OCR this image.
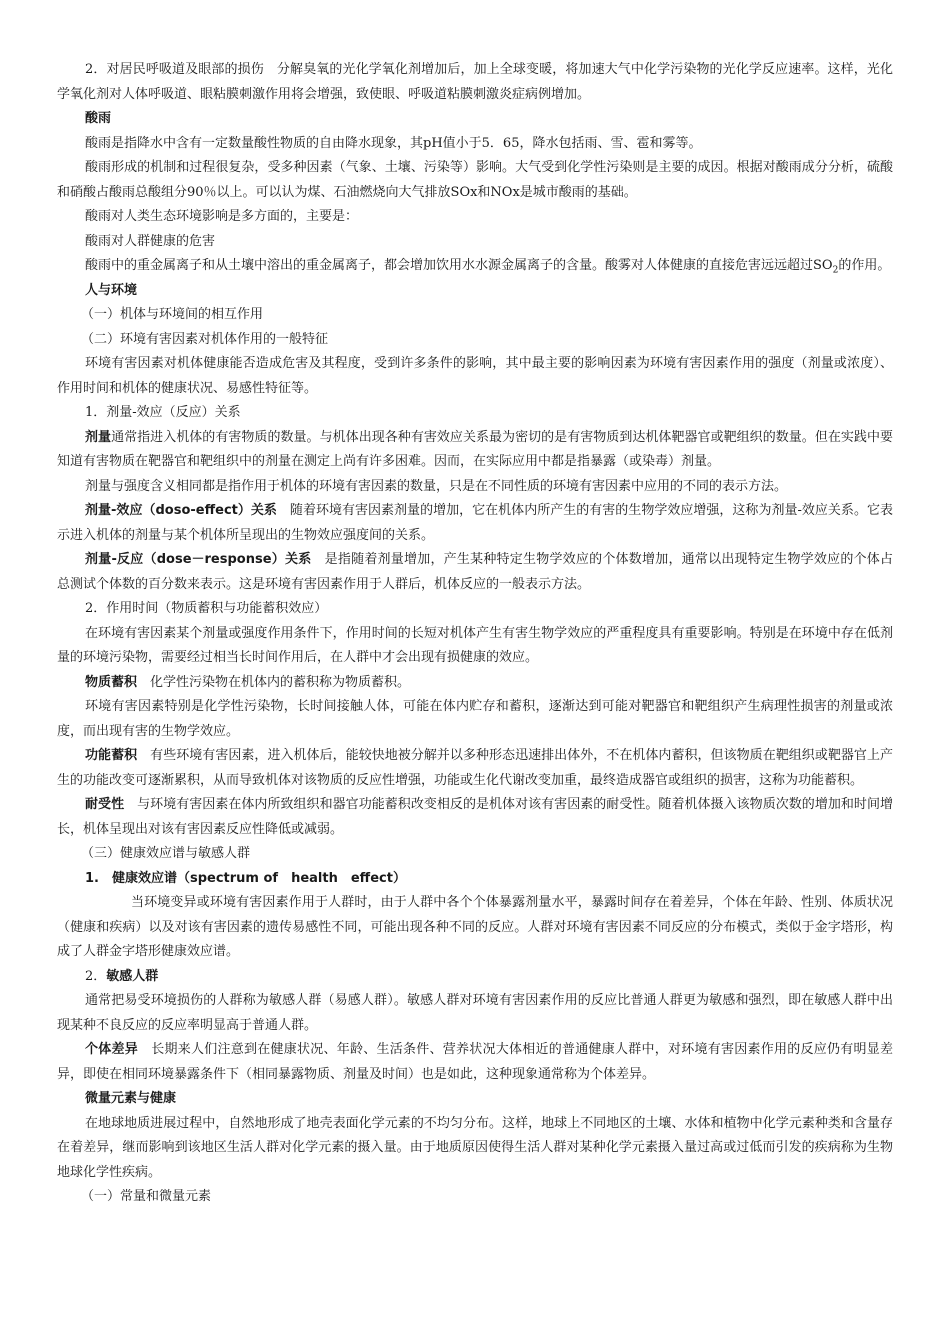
2．对居民呼吸道及眼部的损伤　分解臭氧的光化学氧化剂增加后，加上全球变暖，将加速大气中化学污染物的光化学反应速率。这样，光化学氧化剂对人体呼吸道、眼粘膜刺激作用将会增强，致使眼、呼吸道粘膜刺激炎症病例增加。

酸雨

酸雨是指降水中含有一定数量酸性物质的自由降水现象，其pH值小于5．65，降水包括雨、雪、雹和雾等。

酸雨形成的机制和过程很复杂，受多种因素（气象、土壤、污染等）影响。大气受到化学性污染则是主要的成因。根据对酸雨成分分析，硫酸和硝酸占酸雨总酸组分90％以上。可以认为煤、石油燃烧向大气排放SOx和NOx是城市酸雨的基础。

酸雨对人类生态环境影响是多方面的，主要是：

酸雨对人群健康的危害

酸雨中的重金属离子和从土壤中溶出的重金属离子，都会增加饮用水水源金属离子的含量。酸雾对人体健康的直接危害远远超过$SO_2$的作用。

人与环境

（一）机体与环境间的相互作用

（二）环境有害因素对机体作用的一般特征

环境有害因素对机体健康能否造成危害及其程度，受到许多条件的影响，其中最主要的影响因素为环境有害因素作用的强度（剂量或浓度）、作用时间和机体的健康状况、易感性特征等。

1．剂量-效应（反应）关系

剂量通常指进入机体的有害物质的数量。与机体出现各种有害效应关系最为密切的是有害物质到达机体靶器官或靶组织的数量。但在实践中要知道有害物质在靶器官和靶组织中的剂量在测定上尚有许多困难。因而，在实际应用中都是指暴露（或染毒）剂量。

剂量与强度含义相同都是指作用于机体的环境有害因素的数量，只是在不同性质的环境有害因素中应用的不同的表示方法。

剂量-效应（doso-effect）关系　随着环境有害因素剂量的增加，它在机体内所产生的有害的生物学效应增强，这称为剂量-效应关系。它表示进入机体的剂量与某个机体所呈现出的生物效应强度间的关系。

剂量-反应（dose－response）关系　是指随着剂量增加，产生某种特定生物学效应的个体数增加，通常以出现特定生物学效应的个体占总测试个体数的百分数来表示。这是环境有害因素作用于人群后，机体反应的一般表示方法。

2．作用时间（物质蓄积与功能蓄积效应）

在环境有害因素某个剂量或强度作用条件下，作用时间的长短对机体产生有害生物学效应的严重程度具有重要影响。特别是在环境中存在低剂量的环境污染物，需要经过相当长时间作用后，在人群中才会出现有损健康的效应。

物质蓄积　化学性污染物在机体内的蓄积称为物质蓄积。

环境有害因素特别是化学性污染物，长时间接触人体，可能在体内贮存和蓄积，逐渐达到可能对靶器官和靶组织产生病理性损害的剂量或浓度，而出现有害的生物学效应。

功能蓄积　有些环境有害因素，进入机体后，能较快地被分解并以多种形态迅速排出体外，不在机体内蓄积，但该物质在靶组织或靶器官上产生的功能改变可逐渐累积，从而导致机体对该物质的反应性增强，功能或生化代谢改变加重，最终造成器官或组织的损害，这称为功能蓄积。

耐受性　与环境有害因素在体内所致组织和器官功能蓄积改变相反的是机体对该有害因素的耐受性。随着机体摄入该物质次数的增加和时间增长，机体呈现出对该有害因素反应性降低或减弱。

（三）健康效应谱与敏感人群

1.　健康效应谱（spectrum of　health　effect）

当环境变异或环境有害因素作用于人群时，由于人群中各个个体暴露剂量水平，暴露时间存在着差异，个体在年龄、性别、体质状况（健康和疾病）以及对该有害因素的遗传易感性不同，可能出现各种不同的反应。人群对环境有害因素不同反应的分布模式，类似于金字塔形，构成了人群金字塔形健康效应谱。

2．敏感人群

通常把易受环境损伤的人群称为敏感人群（易感人群）。敏感人群对环境有害因素作用的反应比普通人群更为敏感和强烈，即在敏感人群中出现某种不良反应的反应率明显高于普通人群。

个体差异　长期来人们注意到在健康状况、年龄、生活条件、营养状况大体相近的普通健康人群中，对环境有害因素作用的反应仍有明显差异，即使在相同环境暴露条件下（相同暴露物质、剂量及时间）也是如此，这种现象通常称为个体差异。

微量元素与健康

在地球地质进展过程中，自然地形成了地壳表面化学元素的不均匀分布。这样，地球上不同地区的土壤、水体和植物中化学元素种类和含量存在着差异，继而影响到该地区生活人群对化学元素的摄入量。由于地质原因使得生活人群对某种化学元素摄入量过高或过低而引发的疾病称为生物地球化学性疾病。

（一）常量和微量元素
